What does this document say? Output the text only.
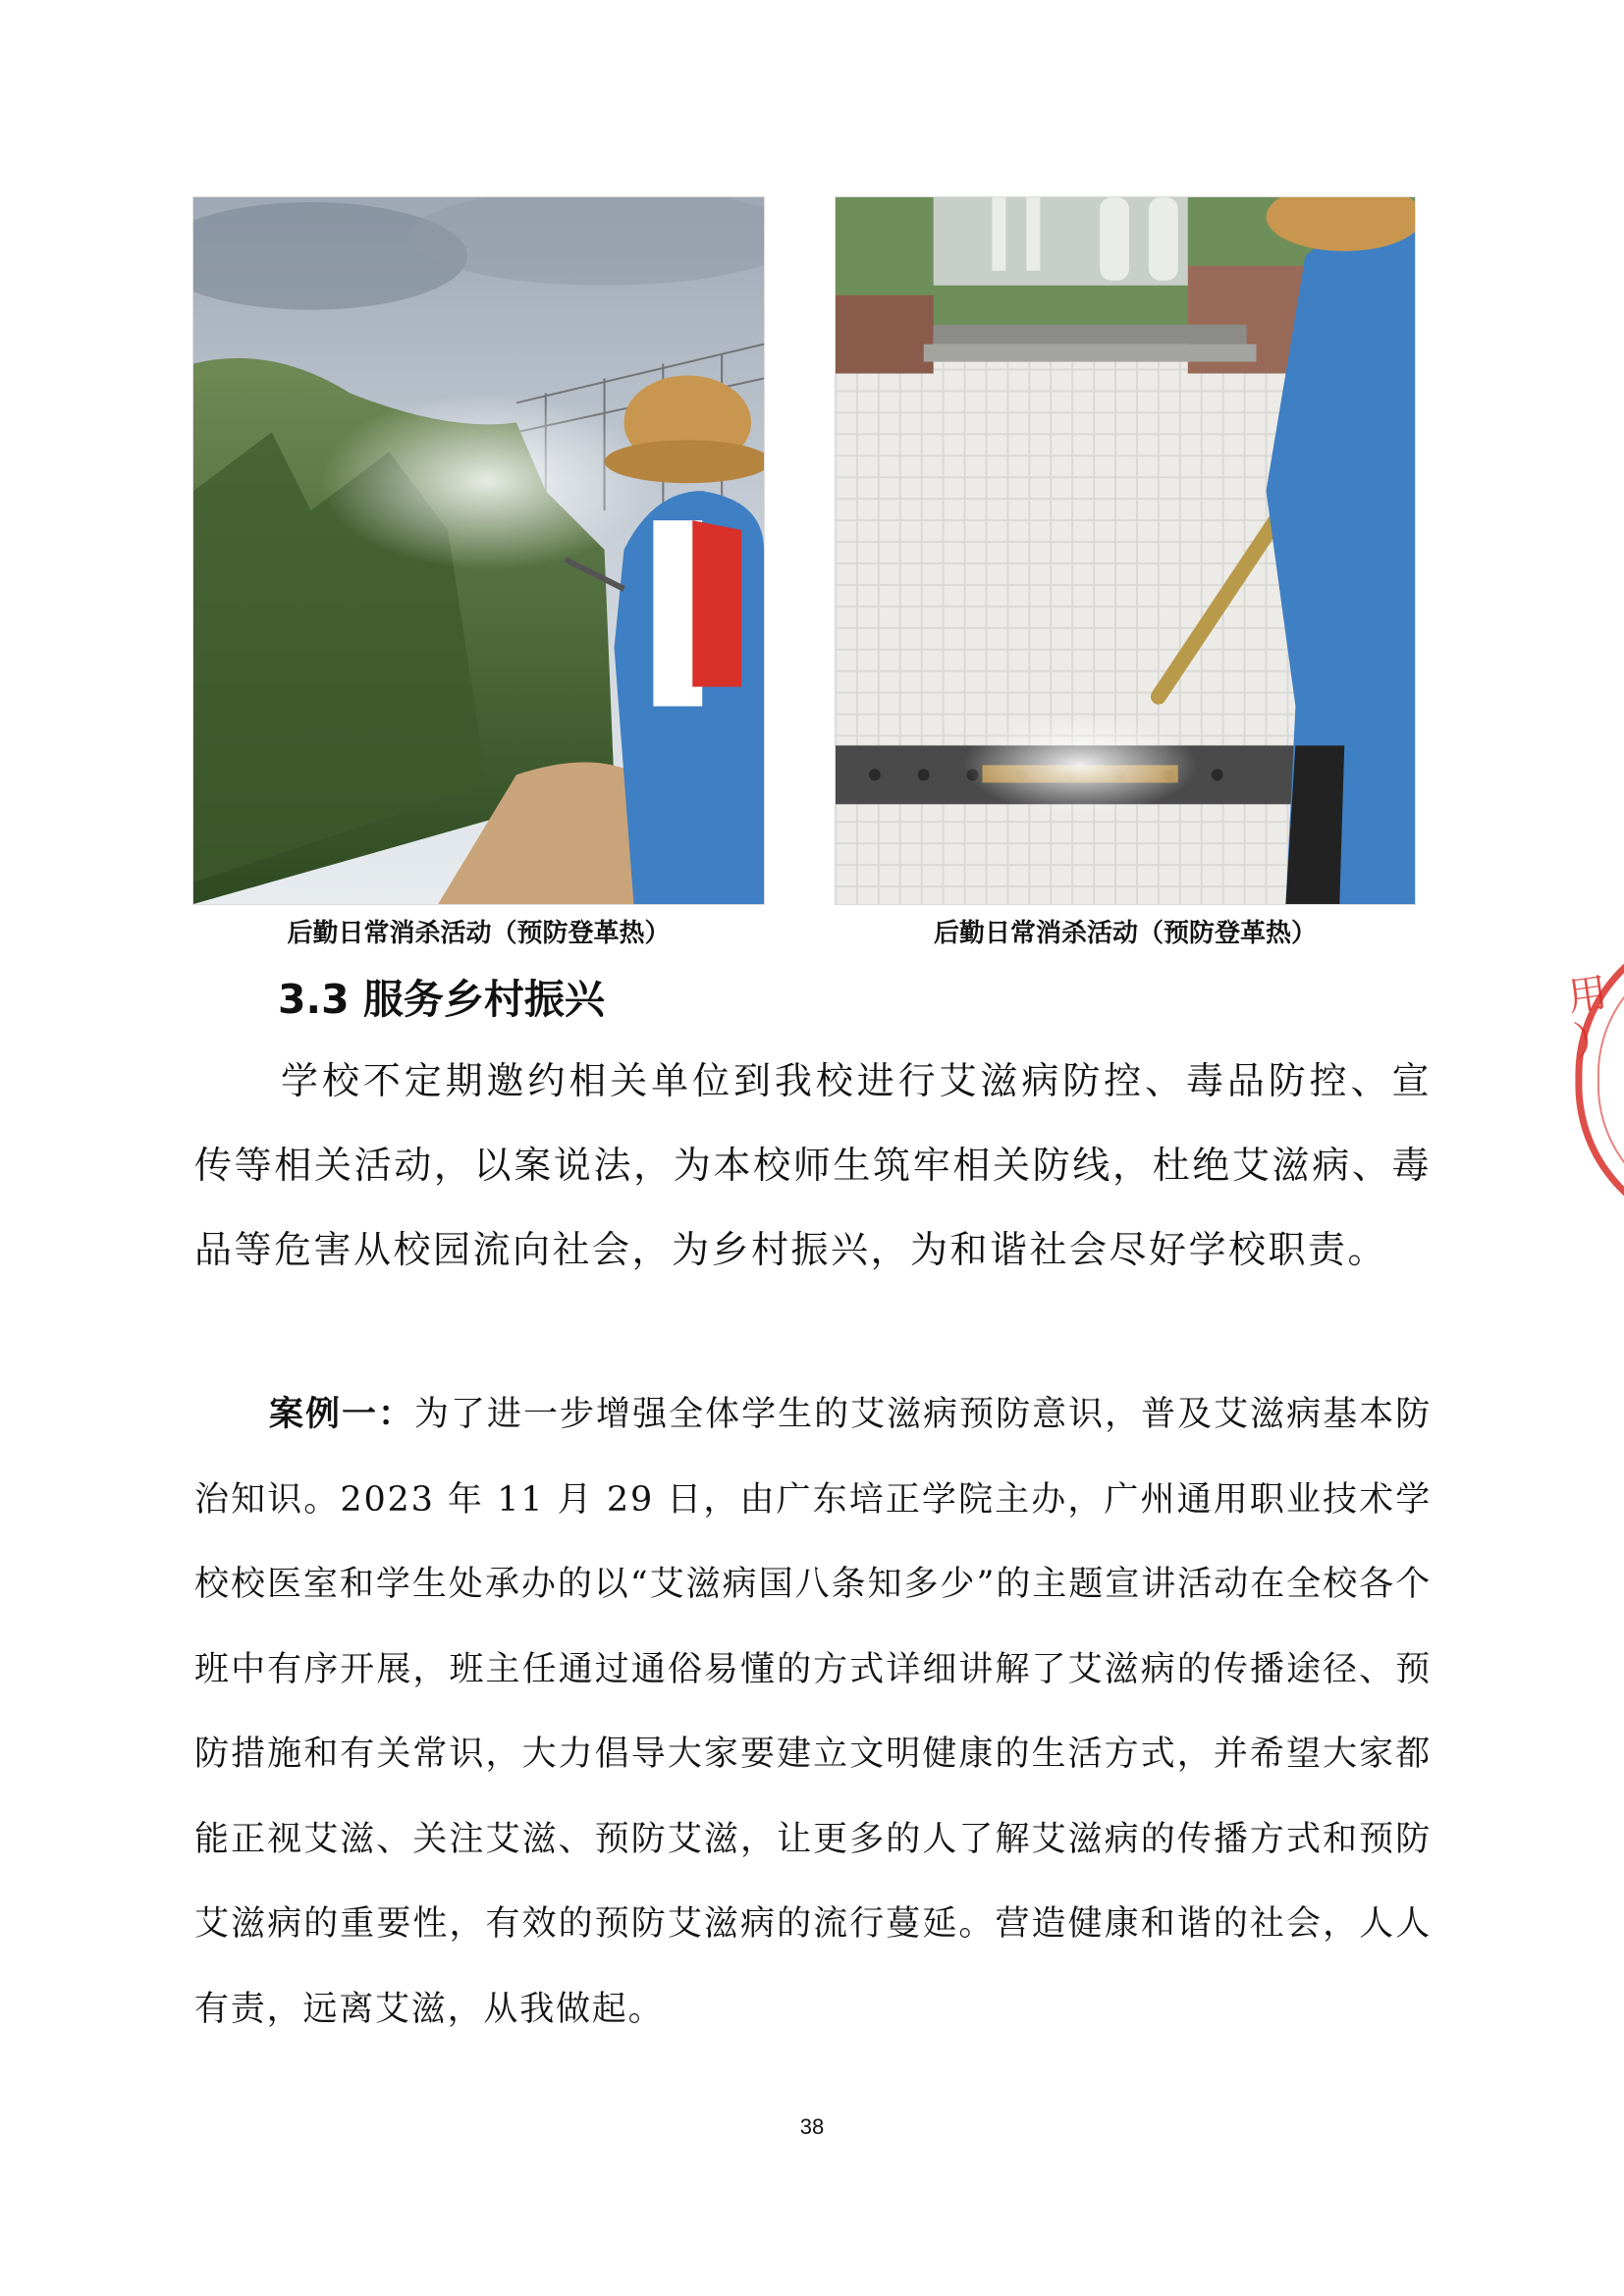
后勤日常消杀活动（预防登革热）	后勤日常消杀活动（预防登革热）
3.3 服务乡村振兴

学校不定期邀约相关单位到我校进行艾滋病防控、毒品防控、宣传等相关活动，以案说法，为本校师生筑牢相关防线，杜绝艾滋病、毒品等危害从校园流向社会，为乡村振兴，为和谐社会尽好学校职责。

案例一：为了进一步增强全体学生的艾滋病预防意识，普及艾滋病基本防治知识。2023 年 11 月 29 日，由广东培正学院主办，广州通用职业技术学校校医室和学生处承办的以“艾滋病国八条知多少”的主题宣讲活动在全校各个班中有序开展，班主任通过通俗易懂的方式详细讲解了艾滋病的传播途径、预防措施和有关常识，大力倡导大家要建立文明健康的生活方式，并希望大家都能正视艾滋、关注艾滋、预防艾滋，让更多的人了解艾滋病的传播方式和预防艾滋病的重要性，有效的预防艾滋病的流行蔓延。营造健康和谐的社会，人人有责，远离艾滋，从我做起。

用 ）
38
